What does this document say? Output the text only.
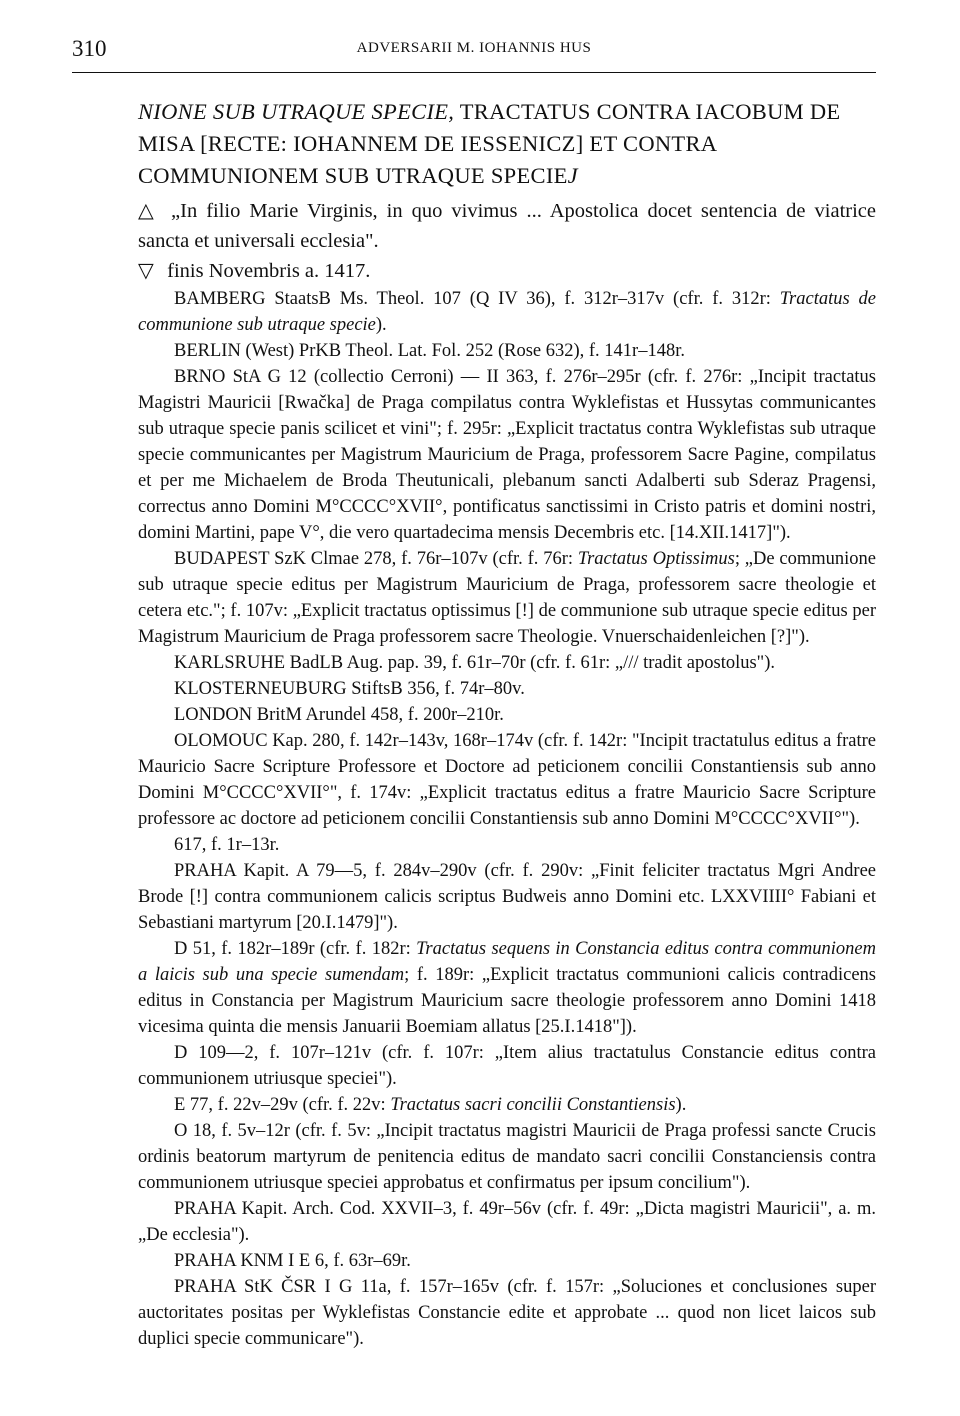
310	ADVERSARII M. IOHANNIS HUS

NIONE SUB UTRAQUE SPECIE, TRACTATUS CONTRA IACOBUM DE MISA [RECTE: IOHANNEM DE IESSENICZ] ET CONTRA COMMUNIONEM SUB UTRAQUE SPECIEJ

△ „In filio Marie Virginis, in quo vivimus ... Apostolica docet sentencia de viatrice sancta et universali ecclesia".

▽ finis Novembris a. 1417.

BAMBERG StaatsB Ms. Theol. 107 (Q IV 36), f. 312r–317v (cfr. f. 312r: Tractatus de communione sub utraque specie).

BERLIN (West) PrKB Theol. Lat. Fol. 252 (Rose 632), f. 141r–148r.

BRNO StA G 12 (collectio Cerroni) — II 363, f. 276r–295r (cfr. f. 276r: „Incipit tractatus Magistri Mauricii [Rwačka] de Praga compilatus contra Wyklefistas et Hussytas communicantes sub utraque specie panis scilicet et vini"; f. 295r: „Explicit tractatus contra Wyklefistas sub utraque specie communicantes per Magistrum Mauricium de Praga, professorem Sacre Pagine, compilatus et per me Michaelem de Broda Theutunicali, plebanum sancti Adalberti sub Sderaz Pragensi, correctus anno Domini M°CCCC°XVII°, pontificatus sanctissimi in Cristo patris et domini nostri, domini Martini, pape V°, die vero quartadecima mensis Decembris etc. [14.XII.1417]").

BUDAPEST SzK Clmae 278, f. 76r–107v (cfr. f. 76r: Tractatus Optissimus; „De communione sub utraque specie editus per Magistrum Mauricium de Praga, professorem sacre theologie et cetera etc."; f. 107v: „Explicit tractatus optissimus [!] de communione sub utraque specie editus per Magistrum Mauricium de Praga professorem sacre Theologie. Vnuerschaidenleichen [?]").

KARLSRUHE BadLB Aug. pap. 39, f. 61r–70r (cfr. f. 61r: „/// tradit apostolus").

KLOSTERNEUBURG StiftsB 356, f. 74r–80v.

LONDON BritM Arundel 458, f. 200r–210r.

OLOMOUC Kap. 280, f. 142r–143v, 168r–174v (cfr. f. 142r: "Incipit tractatulus editus a fratre Mauricio Sacre Scripture Professore et Doctore ad peticionem concilii Constantiensis sub anno Domini M°CCCC°XVII°", f. 174v: „Explicit tractatus editus a fratre Mauricio Sacre Scripture professore ac doctore ad peticionem concilii Constantiensis sub anno Domini M°CCCC°XVII°").

617, f. 1r–13r.

PRAHA Kapit. A 79—5, f. 284v–290v (cfr. f. 290v: „Finit feliciter tractatus Mgri Andree Brode [!] contra communionem calicis scriptus Budweis anno Domini etc. LXXVIIII° Fabiani et Sebastiani martyrum [20.I.1479]").

D 51, f. 182r–189r (cfr. f. 182r: Tractatus sequens in Constancia editus contra communionem a laicis sub una specie sumendam; f. 189r: „Explicit tractatus communioni calicis contradicens editus in Constancia per Magistrum Mauricium sacre theologie professorem anno Domini 1418 vicesima quinta die mensis Januarii Boemiam allatus [25.I.1418"]).

D 109—2, f. 107r–121v (cfr. f. 107r: „Item alius tractatulus Constancie editus contra communionem utriusque speciei").

E 77, f. 22v–29v (cfr. f. 22v: Tractatus sacri concilii Constantiensis).

O 18, f. 5v–12r (cfr. f. 5v: „Incipit tractatus magistri Mauricii de Praga professi sancte Crucis ordinis beatorum martyrum de penitencia editus de mandato sacri concilii Constanciensis contra communionem utriusque speciei approbatus et confirmatus per ipsum concilium").

PRAHA Kapit. Arch. Cod. XXVII–3, f. 49r–56v (cfr. f. 49r: „Dicta magistri Mauricii", a. m. „De ecclesia").

PRAHA KNM I E 6, f. 63r–69r.

PRAHA StK ČSR I G 11a, f. 157r–165v (cfr. f. 157r: „Soluciones et conclusiones super auctoritates positas per Wyklefistas Constancie edite et approbate ... quod non licet laicos sub duplici specie communicare").
